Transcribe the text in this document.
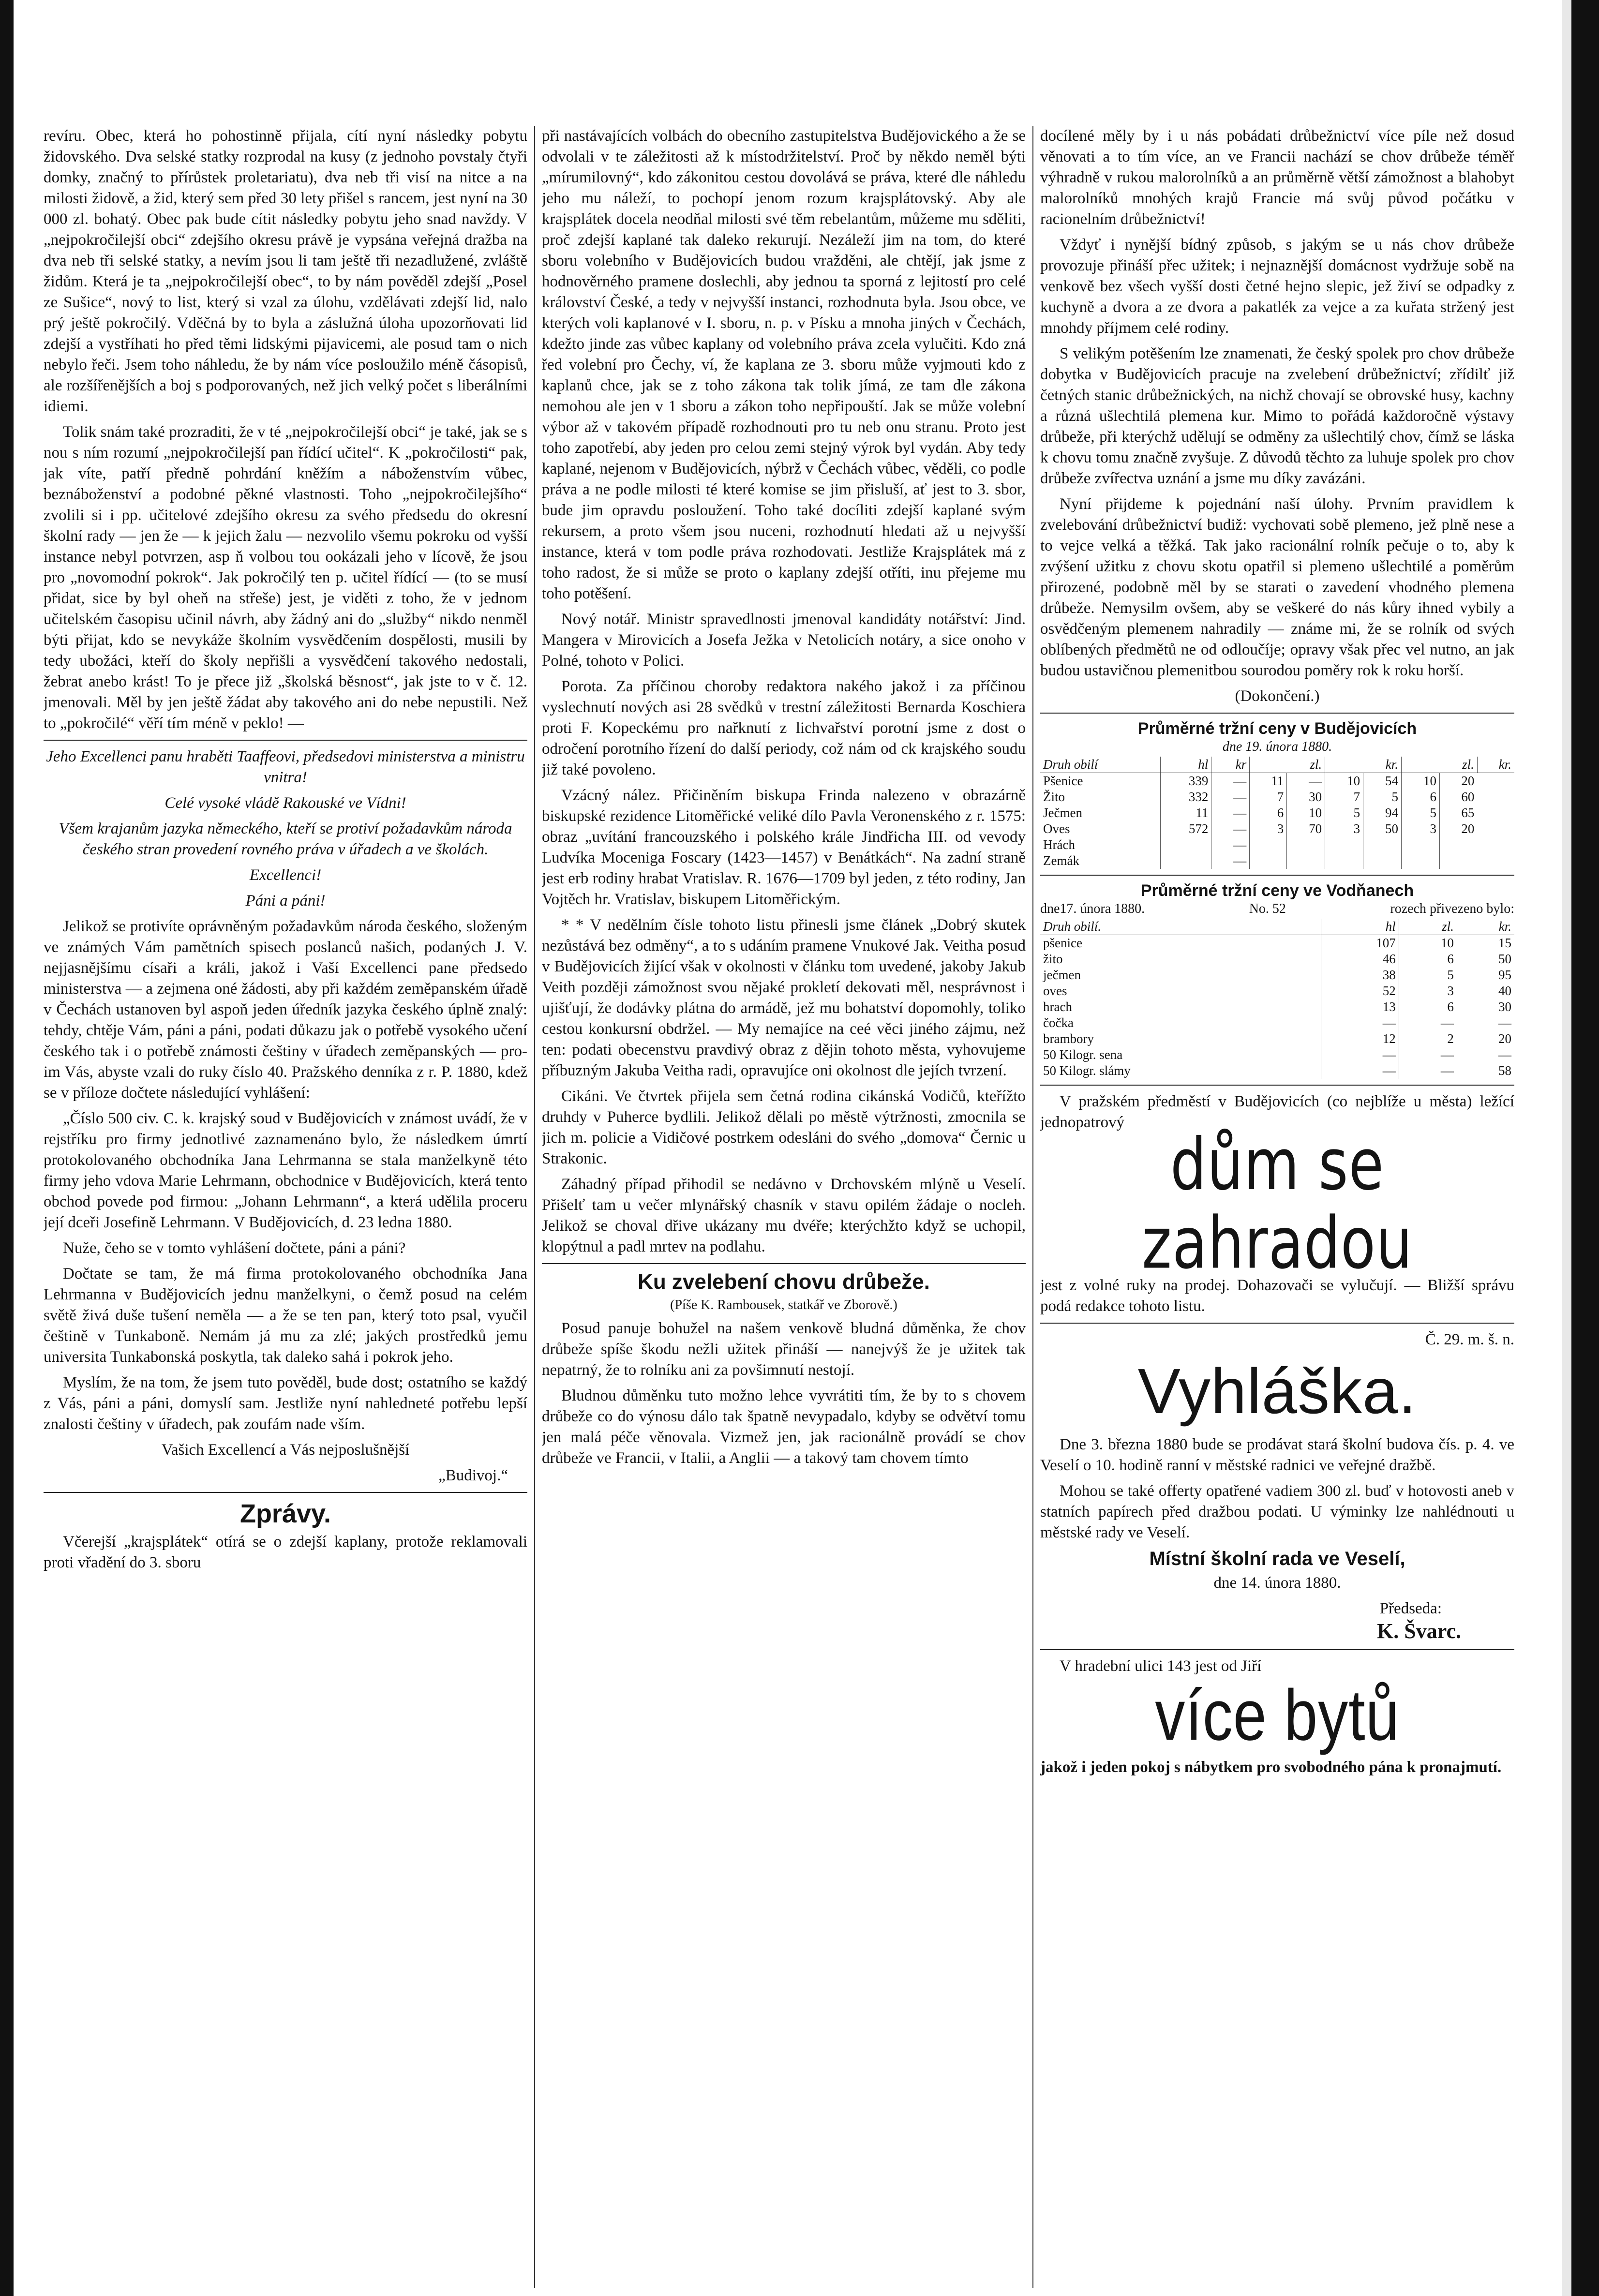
revíru. Obec, která ho pohostinně přijala, cítí nyní následky pobytu židovského. Dva selské statky rozprodal na kusy (z jednoho povstaly čtyři domky, značný to přírůstek proletariatu), dva neb tři visí na nitce a na milosti židově, a žid, který sem před 30 lety přišel s rancem, jest nyní na 30 000 zl. bohatý. Obec pak bude cítit následky pobytu jeho snad navždy. V „nejpokročilejší obci“ zdejšího okresu právě je vypsána veřejná dražba na dva neb tři selské statky, a nevím jsou li tam ještě tři nezadlužené, zvláště židům. Která je ta „nejpokročilejší obec“, to by nám pověděl zdejší „Posel ze Sušice“, nový to list, který si vzal za úlohu, vzdělávati zdejší lid, nalo prý ještě pokročilý. Vděčná by to byla a záslužná úloha upozorňovati lid zdejší a vystříhati ho před těmi lidskými pijavicemi, ale posud tam o nich nebylo řeči. Jsem toho náhledu, že by nám více posloužilo méně čásopisů, ale rozšířenějších a boj s podporovaných, než jich velký počet s liberálními idiemi.

Tolik snám také prozraditi, že v té „nejpokročilejší obci“ je také, jak se s nou s ním rozumí „nejpokročilejší pan řídící učitel“. K „pokročilosti“ pak, jak víte, patří předně pohrdání kněžím a náboženstvím vůbec, beznáboženství a podobné pěkné vlastnosti. Toho „nejpokročilejšího“ zvolili si i pp. učitelové zdejšího okresu za svého předsedu do okresní školní rady — jen že — k jejich žalu — nezvolilo všemu pokroku od vyšší instance nebyl potvrzen, asp ň volbou tou ookázali jeho v lícově, že jsou pro „novomodní pokrok“. Jak pokročilý ten p. učitel řídící — (to se musí přidat, sice by byl oheň na střeše) jest, je viděti z toho, že v jednom učitelském časopisu učinil návrh, aby žádný ani do „služby“ nikdo nenměl býti přijat, kdo se nevykáže školním vysvědčením dospělosti, musili by tedy ubožáci, kteří do školy nepřišli a vysvědčení takového nedostali, žebrat anebo krást! To je přece již „školská běsnost“, jak jste to v č. 12. jmenovali. Měl by jen ještě žádat aby takového ani do nebe nepustili. Než to „pokročilé“ věří tím méně v peklo! —

Jeho Excellenci panu hraběti Taaffeovi, předsedovi ministerstva a ministru vnitra!

Celé vysoké vládě Rakouské ve Vídni!

Všem krajanům jazyka německého, kteří se protiví požadavkům národa českého stran provedení rovného práva v úřadech a ve školách.

Excellenci!

Páni a páni!

Jelikož se protivíte oprávněným požadavkům národa českého, složeným ve známých Vám pamětních spisech poslanců našich, podaných J. V. nejjasnějšímu císaři a králi, jakož i Vaší Excellenci pane předsedo ministerstva — a zejmena oné žádosti, aby při každém zeměpanském úřadě v Čechách ustanoven byl aspoň jeden úředník jazyka českého úplně znalý: tehdy, chtěje Vám, páni a páni, podati důkazu jak o potřebě vysokého učení českého tak i o potřebě známosti češtiny v úřadech zeměpanských — pro-im Vás, abyste vzali do ruky číslo 40. Pražského denníka z r. P. 1880, kdež se v příloze dočtete následující vyhlášení:

„Číslo 500 civ. C. k. krajský soud v Budějovicích v známost uvádí, že v rejstříku pro firmy jednotlivé zaznamenáno bylo, že následkem úmrtí protokolovaného obchodníka Jana Lehrmanna se stala manželkyně této firmy jeho vdova Marie Lehrmann, obchodnice v Budějovicích, která tento obchod povede pod firmou: „Johann Lehrmann“, a která udělila proceru její dceři Josefině Lehrmann. V Budějovicích, d. 23 ledna 1880.

Nuže, čeho se v tomto vyhlášení dočtete, páni a páni?

Dočtate se tam, že má firma protokolovaného obchodníka Jana Lehrmanna v Budějovicích jednu manželkyni, o čemž posud na celém světě živá duše tušení neměla — a že se ten pan, který toto psal, vyučil češtině v Tunkaboně. Nemám já mu za zlé; jakých prostředků jemu universita Tunkabonská poskytla, tak daleko sahá i pokrok jeho.

Myslím, že na tom, že jsem tuto pověděl, bude dost; ostatního se každý z Vás, páni a páni, domyslí sam. Jestliže nyní nahledneté potřebu lepší znalosti češtiny v úřadech, pak zoufám nade vším.

Vašich Excellencí a Vás nejposlušnější

„Budivoj.“

Zprávy.

Včerejší „krajsplátek“ otírá se o zdejší kaplany, protože reklamovali proti vřadění do 3. sboru

při nastávajících volbách do obecního zastupitelstva Budějovického a že se odvolali v te záležitosti až k místodržitelství. Proč by někdo neměl býti „mírumilovný“, kdo zákonitou cestou dovolává se práva, které dle náhledu jeho mu náleží, to pochopí jenom rozum krajsplátovský. Aby ale krajsplátek docela neodňal milosti své těm rebelantům, můžeme mu sděliti, proč zdejší kaplané tak daleko rekurují. Nezáleží jim na tom, do které sboru volebního v Budějovicích budou vražděni, ale chtějí, jak jsme z hodnověrného pramene doslechli, aby jednou ta sporná z lejitostí pro celé království České, a tedy v nejvyšší instanci, rozhodnuta byla. Jsou obce, ve kterých voli kaplanové v I. sboru, n. p. v Písku a mnoha jiných v Čechách, kdežto jinde zas vůbec kaplany od volebního práva zcela vylučiti. Kdo zná řed volební pro Čechy, ví, že kaplana ze 3. sboru může vyjmouti kdo z kaplanů chce, jak se z toho zákona tak tolik jímá, ze tam dle zákona nemohou ale jen v 1 sboru a zákon toho nepřipouští. Jak se může volební výbor až v takovém případě rozhodnouti pro tu neb onu stranu. Proto jest toho zapotřebí, aby jeden pro celou zemi stejný výrok byl vydán. Aby tedy kaplané, nejenom v Budějovicích, nýbrž v Čechách vůbec, věděli, co podle práva a ne podle milosti té které komise se jim přisluší, ať jest to 3. sbor, bude jim opravdu posloužení. Toho také docíliti zdejší kaplané svým rekursem, a proto všem jsou nuceni, rozhodnutí hledati až u nejvyšší instance, která v tom podle práva rozhodovati. Jestliže Krajsplátek má z toho radost, že si může se proto o kaplany zdejší otříti, inu přejeme mu toho potěšení.

Nový notář. Ministr spravedlnosti jmenoval kandidáty notářství: Jind. Mangera v Mirovicích a Josefa Ježka v Netolicích notáry, a sice onoho v Polné, tohoto v Polici.

Porota. Za příčinou choroby redaktora nakého jakož i za příčinou vyslechnutí nových asi 28 svědků v trestní záležitosti Bernarda Koschiera proti F. Kopeckému pro nařknutí z lichvařství porotní jsme z dost o odročení porotního řízení do další periody, což nám od ck krajského soudu již také povoleno.

Vzácný nález. Přičiněním biskupa Frinda nalezeno v obrazárně biskupské rezidence Litoměřické veliké dílo Pavla Veronenského z r. 1575: obraz „uvítání francouzského i polského krále Jindřicha III. od vevody Ludvíka Moceniga Foscary (1423—1457) v Benátkách“. Na zadní straně jest erb rodiny hrabat Vratislav. R. 1676—1709 byl jeden, z této rodiny, Jan Vojtěch hr. Vratislav, biskupem Litoměřickým.

* * V nedělním čísle tohoto listu přinesli jsme článek „Dobrý skutek nezůstává bez odměny“, a to s udáním pramene Vnukové Jak. Veitha posud v Budějovicích žijící však v okolnosti v článku tom uvedené, jakoby Jakub Veith později zámožnost svou nějaké prokletí dekovati měl, nesprávnost i ujišťují, že dodávky plátna do armádě, jež mu bohatství dopomohly, toliko cestou konkursní obdržel. — My nemajíce na ceé věci jiného zájmu, než ten: podati obecenstvu pravdivý obraz z dějin tohoto města, vyhovujeme příbuzným Jakuba Veitha radi, opravujíce oni okolnost dle jejích tvrzení.

Cikáni. Ve čtvrtek přijela sem četná rodina cikánská Vodičů, kteřížto druhdy v Puherce bydlili. Jelikož dělali po městě výtržnosti, zmocnila se jich m. policie a Vidičové postrkem odesláni do svého „domova“ Černic u Strakonic.

Záhadný případ přihodil se nedávno v Drchovském mlýně u Veselí. Přišelť tam u večer mlynářský chasník v stavu opilém žádaje o nocleh. Jelikož se choval dřive ukázany mu dvéře; kterýchžto když se uchopil, klopýtnul a padl mrtev na podlahu.

Ku zvelebení chovu drůbeže.

(Píše K. Rambousek, statkář ve Zborově.)

Posud panuje bohužel na našem venkově bludná důměnka, že chov drůbeže spíše škodu nežli užitek přináší — nanejvýš že je užitek tak nepatrný, že to rolníku ani za povšimnutí nestojí.

Bludnou důměnku tuto možno lehce vyvrátiti tím, že by to s chovem drůbeže co do výnosu dálo tak špatně nevypadalo, kdyby se odvětví tomu jen malá péče věnovala. Vizmež jen, jak racionálně provádí se chov drůbeže ve Francii, v Italii, a Anglii — a takový tam chovem tímto

docílené měly by i u nás pobádati drůbežnictví více píle než dosud věnovati a to tím více, an ve Francii nachází se chov drůbeže téměř výhradně v rukou malorolníků a an průměrně větší zámožnost a blahobyt malorolníků mnohých krajů Francie má svůj původ počátku v racionelním drůbežnictví!

Vždyť i nynější bídný způsob, s jakým se u nás chov drůbeže provozuje přináší přec užitek; i nejnaznější domácnost vydržuje sobě na venkově bez všech vyšší dosti četné hejno slepic, jež živí se odpadky z kuchyně a dvora a ze dvora a pakatlék za vejce a za kuřata stržený jest mnohdy příjmem celé rodiny.

S velikým potěšením lze znamenati, že český spolek pro chov drůbeže dobytka v Budějovicích pracuje na zvelebení drůbežnictví; zřídilť již četných stanic drůbežnických, na nichž chovají se obrovské husy, kachny a různá ušlechtilá plemena kur. Mimo to pořádá každoročně výstavy drůbeže, při kterýchž udělují se odměny za ušlechtilý chov, čímž se láska k chovu tomu značně zvyšuje. Z důvodů těchto za luhuje spolek pro chov drůbeže zvířectva uznání a jsme mu díky zavázáni.

Nyní přijdeme k pojednání naší úlohy. Prvním pravidlem k zvelebování drůbežnictví budiž: vychovati sobě plemeno, jež plně nese a to vejce velká a těžká. Tak jako racionální rolník pečuje o to, aby k zvýšení užitku z chovu skotu opatřil si plemeno ušlechtilé a poměrům přirozené, podobně měl by se starati o zavedení vhodného plemena drůbeže. Nemysilm ovšem, aby se veškeré do nás kůry ihned vybily a osvědčeným plemenem nahradily — známe mi, že se rolník od svých oblíbených předmětů ne od odloučíje; opravy však přec vel nutno, an jak budou ustavičnou plemenitbou sourodou poměry rok k roku horší.

(Dokončení.)

Průměrné tržní ceny v Budějovicích
dne 19. února 1880.
Druh obilí	hl	kr	zl.		kr.		zl.		kr.
Pšenice	339	—	11	—	10	54	10	20	
Žito	332	—	7	30	7	5	6	60	
Ječmen	11	—	6	10	5	94	5	65	
Oves	572	—	3	70	3	50	3	20	
Hrách		—							
Zemák		—							
Průměrné tržní ceny ve Vodňanech
dne17. února 1880.	No. 52	rozech přivezeno bylo:
Druh obilí.	hl	zl.	kr.
pšenice	107	10	15
žito	46	6	50
ječmen	38	5	95
oves	52	3	40
hrach	13	6	30
čočka	—	—	—
brambory	12	2	20
50 Kilogr. sena	—	—	—
50 Kilogr. slámy	—	—	58

V pražském předměstí v Budějovicích (co nejblíže u města) ležící jednopatrový

dům se zahradou

jest z volné ruky na prodej. Dohazovači se vylučují. — Bližší správu podá redakce tohoto listu.

Č. 29. m. š. n.

Vyhláška.

Dne 3. března 1880 bude se prodávat stará školní budova čís. p. 4. ve Veselí o 10. hodině ranní v městské radnici ve veřejné dražbě.

Mohou se také offerty opatřené vadiem 300 zl. buď v hotovosti aneb v statních papírech před dražbou podati. U výminky lze nahlédnouti u městské rady ve Veselí.

Místní školní rada ve Veselí,

dne 14. února 1880.

Předseda:

K. Švarc.

V hradební ulici 143 jest od Jiří

více bytů

jakož i jeden pokoj s nábytkem pro svobodného pána k pronajmutí.
